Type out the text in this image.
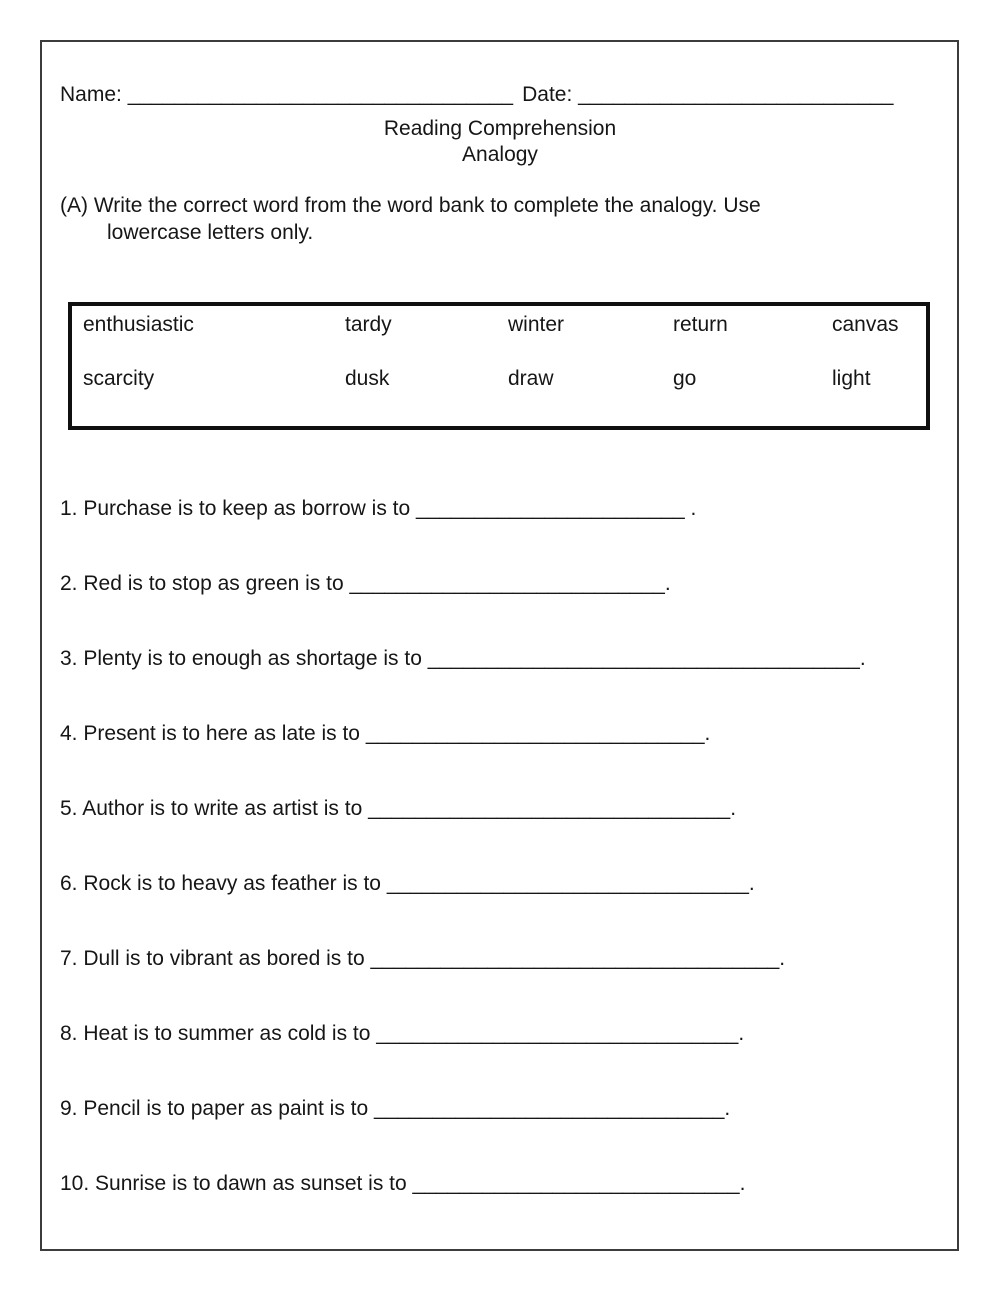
Name: _________________________________ Date: ___________________________
Reading Comprehension
Analogy
(A) Write the correct word from the word bank to complete the analogy. Use
lowercase letters only.
enthusiastic	tardy	winter	return	canvas
scarcity	dusk	draw	go	light
1. Purchase is to keep as borrow is to _______________________ .
2. Red is to stop as green is to ___________________________.
3. Plenty is to enough as shortage is to _____________________________________.
4. Present is to here as late is to _____________________________.
5. Author is to write as artist is to _______________________________.
6. Rock is to heavy as feather is to _______________________________.
7. Dull is to vibrant as bored is to ___________________________________.
8. Heat is to summer as cold is to _______________________________.
9. Pencil is to paper as paint is to ______________________________.
10. Sunrise is to dawn as sunset is to ____________________________.
